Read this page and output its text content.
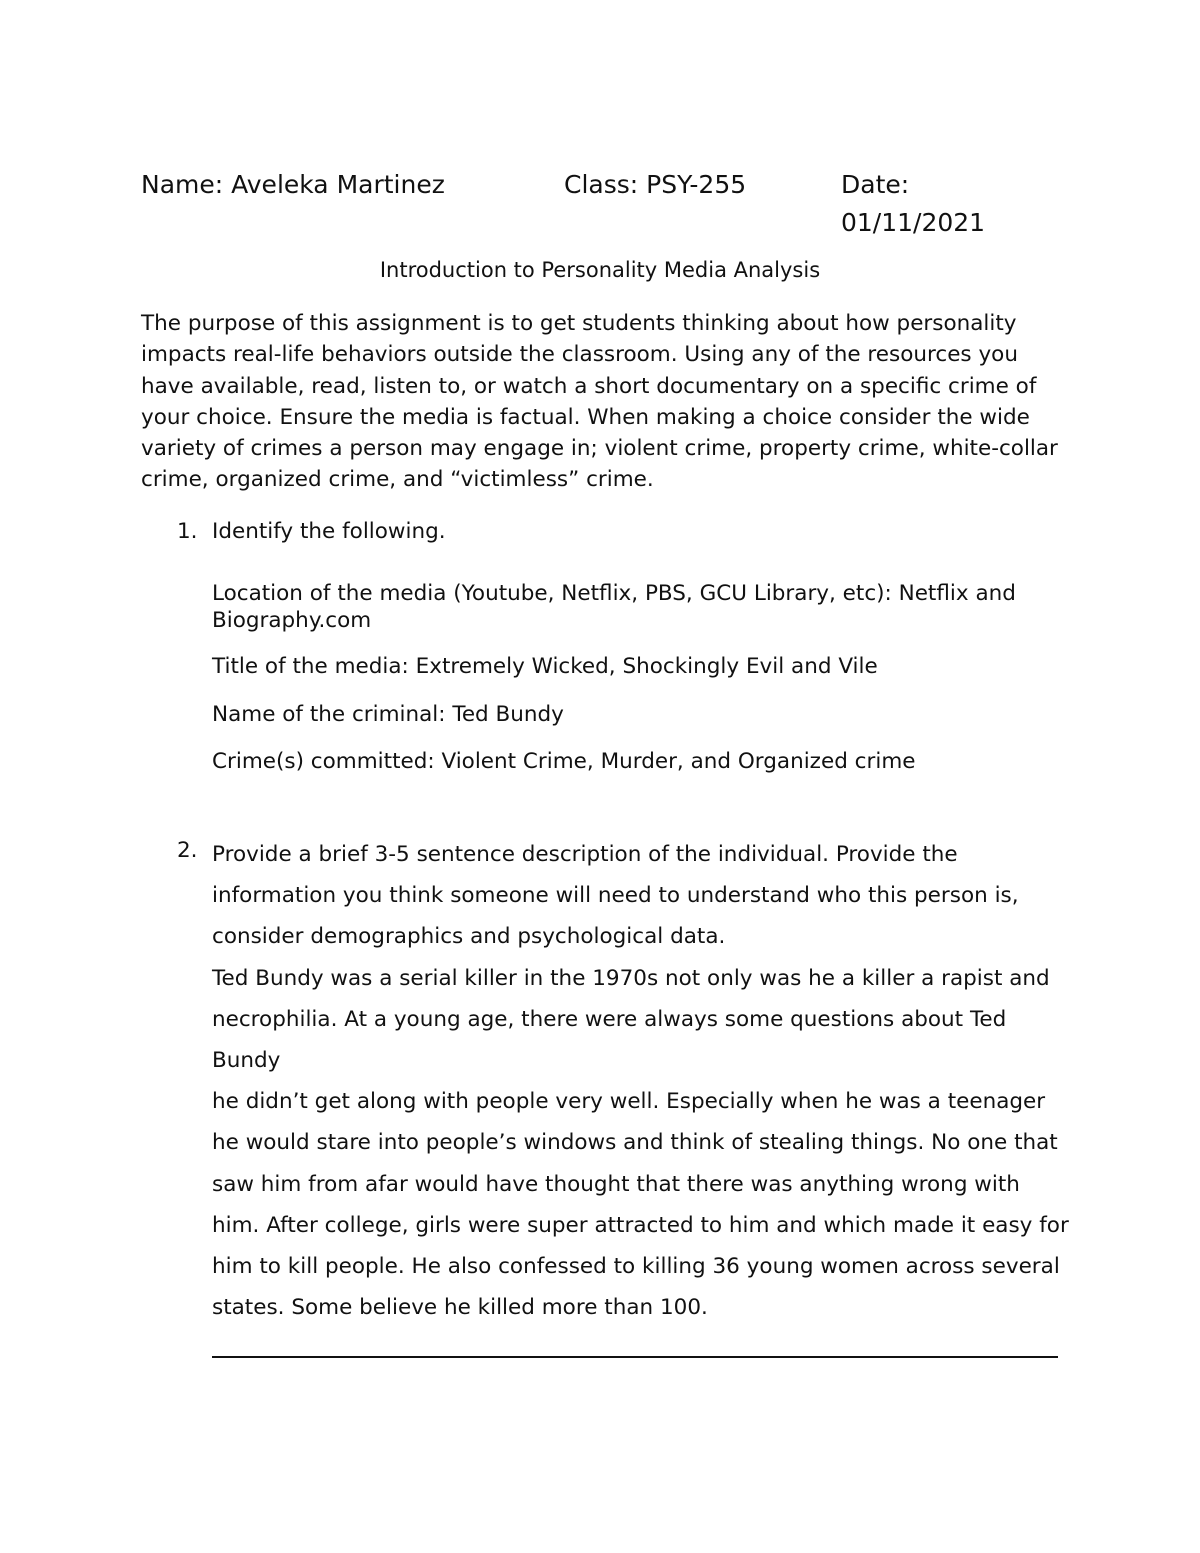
Name: Aveleka Martinez	Class: PSY-255	Date:
01/11/2021
Introduction to Personality Media Analysis
The purpose of this assignment is to get students thinking about how personality impacts real-life behaviors outside the classroom. Using any of the resources you have available, read, listen to, or watch a short documentary on a specific crime of your choice. Ensure the media is factual. When making a choice consider the wide variety of crimes a person may engage in; violent crime, property crime, white-collar crime, organized crime, and “victimless” crime.
1. Identify the following.
Location of the media (Youtube, Netflix, PBS, GCU Library, etc): Netflix and Biography.com
Title of the media: Extremely Wicked, Shockingly Evil and Vile
Name of the criminal: Ted Bundy
Crime(s) committed: Violent Crime, Murder, and Organized crime
2. Provide a brief 3-5 sentence description of the individual. Provide the information you think someone will need to understand who this person is, consider demographics and psychological data.

Ted Bundy was a serial killer in the 1970s not only was he a killer a rapist and necrophilia. At a young age, there were always some questions about Ted Bundy

he didn’t get along with people very well. Especially when he was a teenager he would stare into people’s windows and think of stealing things. No one that saw him from afar would have thought that there was anything wrong with him. After college, girls were super attracted to him and which made it easy for him to kill people. He also confessed to killing 36 young women across several states. Some believe he killed more than 100.
